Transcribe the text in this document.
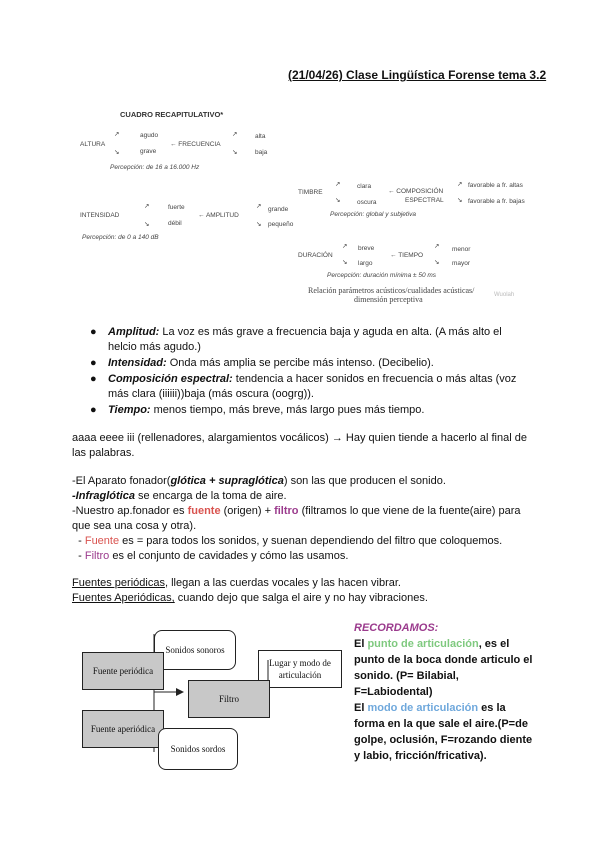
(21/04/26) Clase Lingüística Forense tema 3.2
CUADRO RECAPITULATIVO*
ALTURA
↗
↘
agudo
grave
← FRECUENCIA
↗
↘
alta
baja
Percepción: de 16 a 16.000 Hz
TIMBRE
↗
↘
clara
oscura
← COMPOSICIÓN
ESPECTRAL
↗
↘
favorable a fr. altas
favorable a fr. bajas
Percepción: global y subjetiva
INTENSIDAD
↗
↘
fuerte
débil
← AMPLITUD
↗
↘
grande
pequeño
Percepción: de 0 a 140 dB
DURACIÓN
↗
↘
breve
largo
← TIEMPO
↗
↘
menor
mayor
Percepción: duración mínima ± 50 ms
Relación parámetros acústicos/cualidades acústicas/
dimensión perceptiva	Wuolah
● Amplitud: La voz es más grave a frecuencia baja y aguda en alta. (A más alto el helcio más agudo.)
● Intensidad: Onda más amplia se percibe más intenso. (Decibelio).
● Composición espectral: tendencia a hacer sonidos en frecuencia o más altas (voz más clara (iiiiii))baja (más oscura (oogrg)).
● Tiempo: menos tiempo, más breve, más largo pues más tiempo.
aaaa eeee iii (rellenadores, alargamientos vocálicos) → Hay quien tiende a hacerlo al final de las palabras.
-El Aparato fonador(glótica + supraglótica) son las que producen el sonido.
-Infraglótica se encarga de la toma de aire.
-Nuestro ap.fonador es fuente (origen) + filtro (filtramos lo que viene de la fuente(aire) para que sea una cosa y otra).
- Fuente es = para todos los sonidos, y suenan dependiendo del filtro que coloquemos.
- Filtro es el conjunto de cavidades y cómo las usamos.
Fuentes periódicas, llegan a las cuerdas vocales y las hacen vibrar.
Fuentes Aperiódicas, cuando dejo que salga el aire y no hay vibraciones.
Sonidos sonoros
Fuente periódica
Lugar y modo de articulación
Filtro
Fuente aperiódica
Sonidos sordos
RECORDAMOS:
El punto de articulación, es el punto de la boca donde articulo el sonido. (P= Bilabial, F=Labiodental)
El modo de articulación es la forma en la que sale el aire.(P=de golpe, oclusión, F=rozando diente y labio, fricción/fricativa).
